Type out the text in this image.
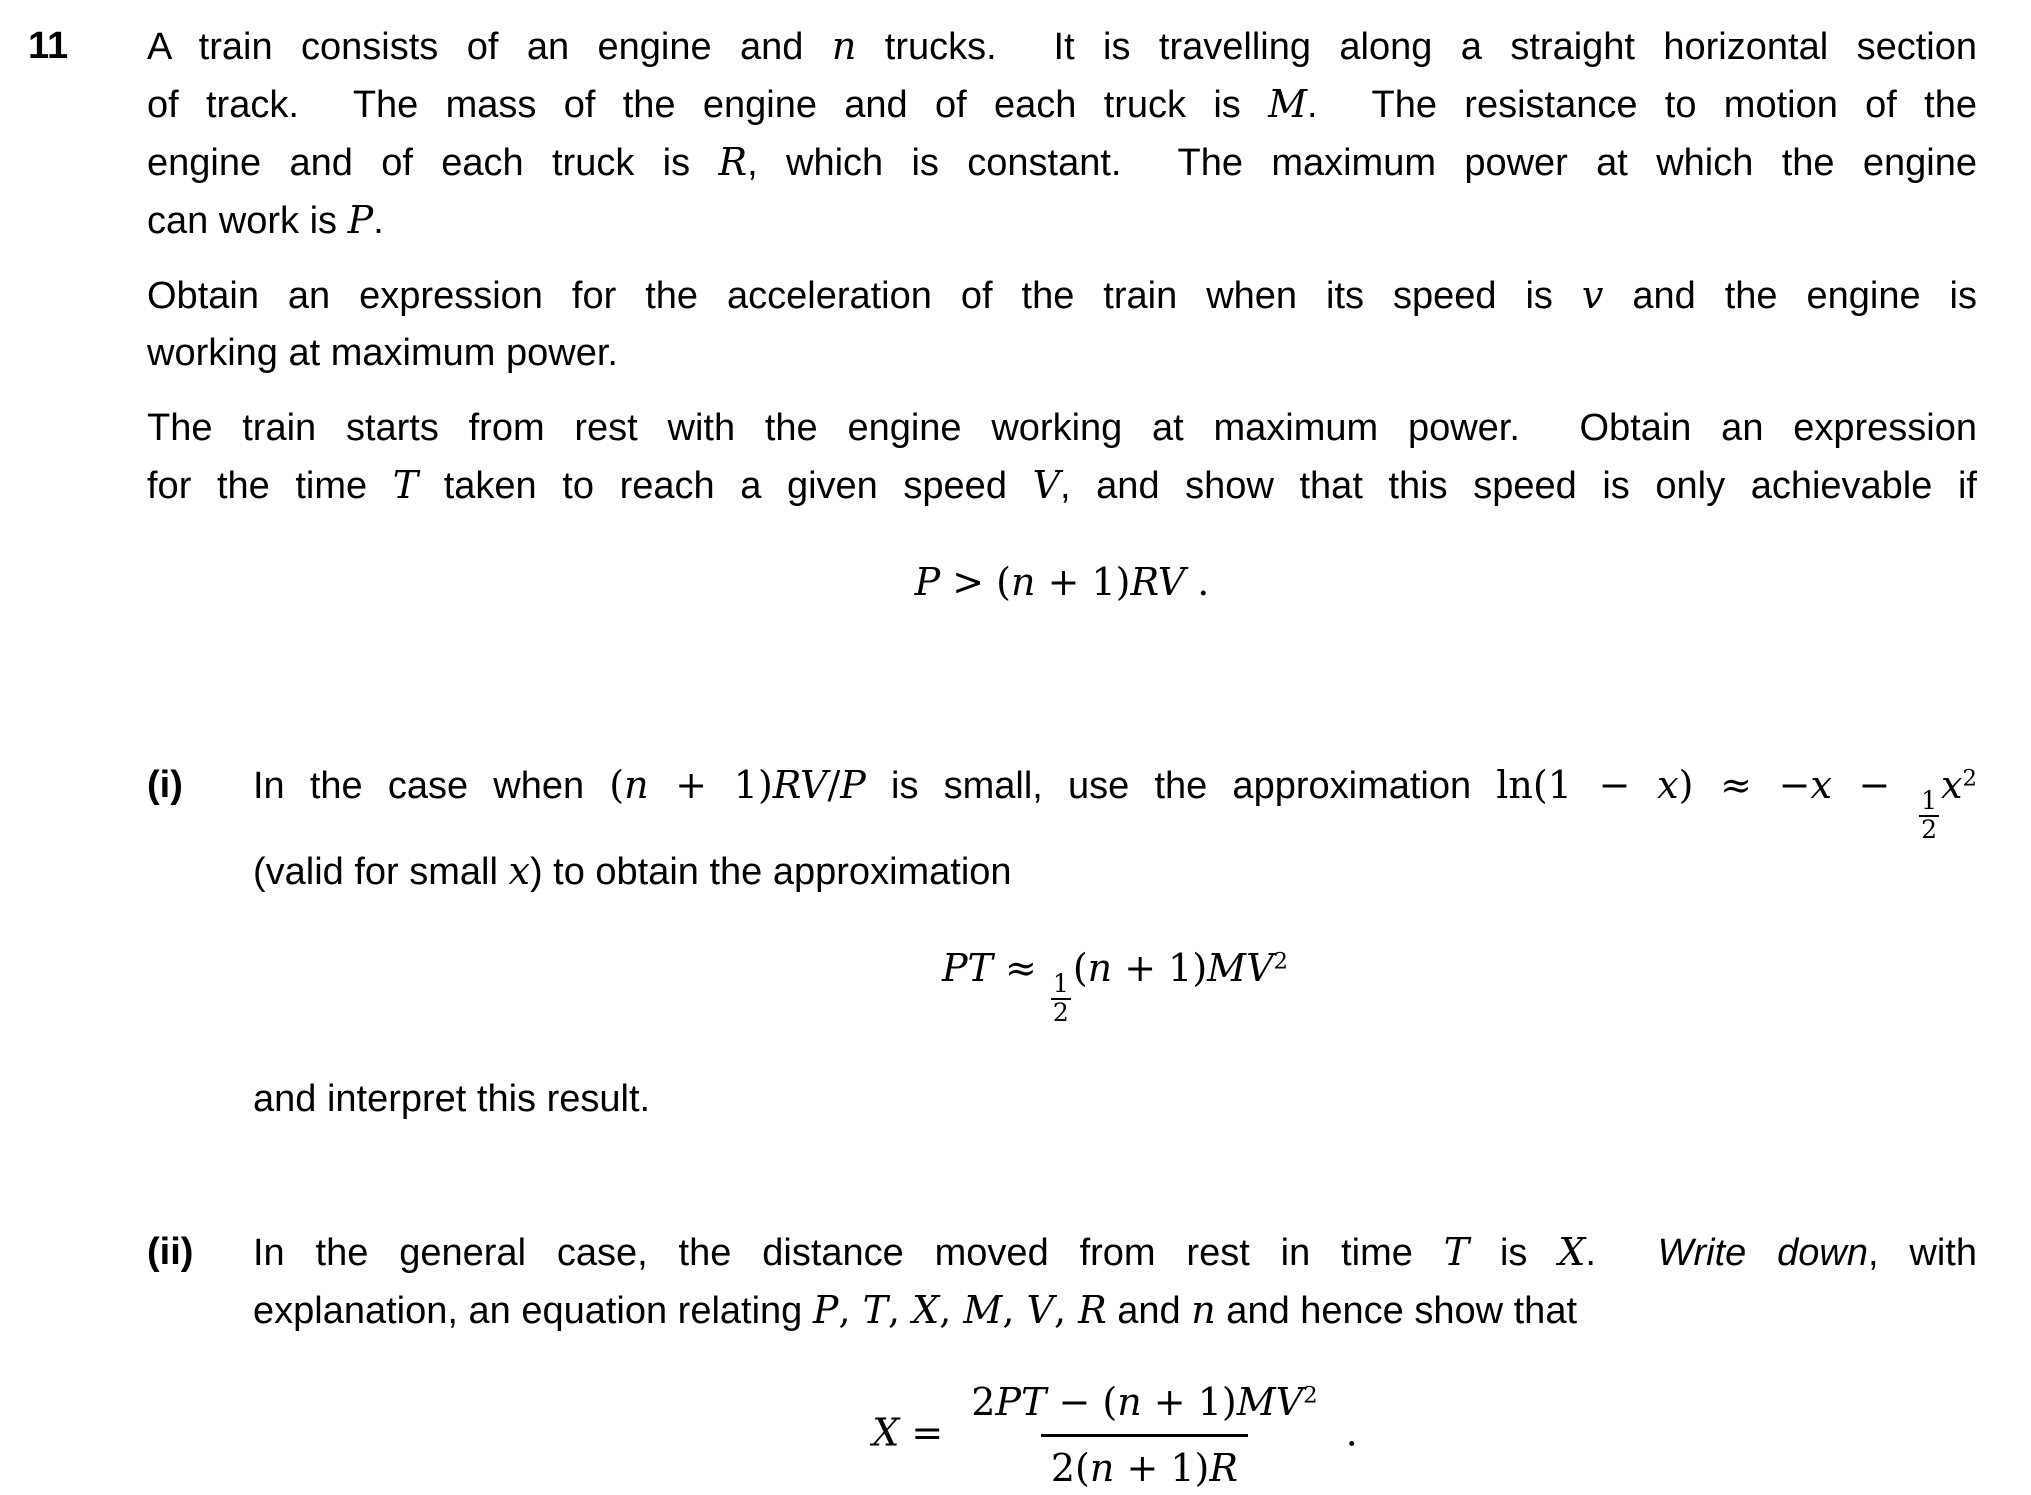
11 A train consists of an engine and n trucks.  It is travelling along a straight horizontal section
of track.  The mass of the engine and of each truck is M.  The resistance to motion of the
engine and of each truck is R, which is constant.  The maximum power at which the engine
can work is P.
Obtain an expression for the acceleration of the train when its speed is v and the engine is
working at maximum power.
The train starts from rest with the engine working at maximum power.  Obtain an expression
for the time T taken to reach a given speed V, and show that this speed is only achievable if
P > (n + 1)RV .
(i) In the case when (n + 1)RV/P is small, use the approximation ln(1 − x) ≈ −x −
$\frac{1}{2}$
$x^2$
(valid for small x) to obtain the approximation
PT ≈
$\frac{1}{2}$
$(n + 1)MV^2$
and interpret this result.
(ii) In the general case, the distance moved from rest in time T is X.  Write down, with
explanation, an equation relating P, T, X, M, V, R and n and hence show that
$X = \frac{2PT - (n + 1)MV^2}{2(n + 1)R}$ .
